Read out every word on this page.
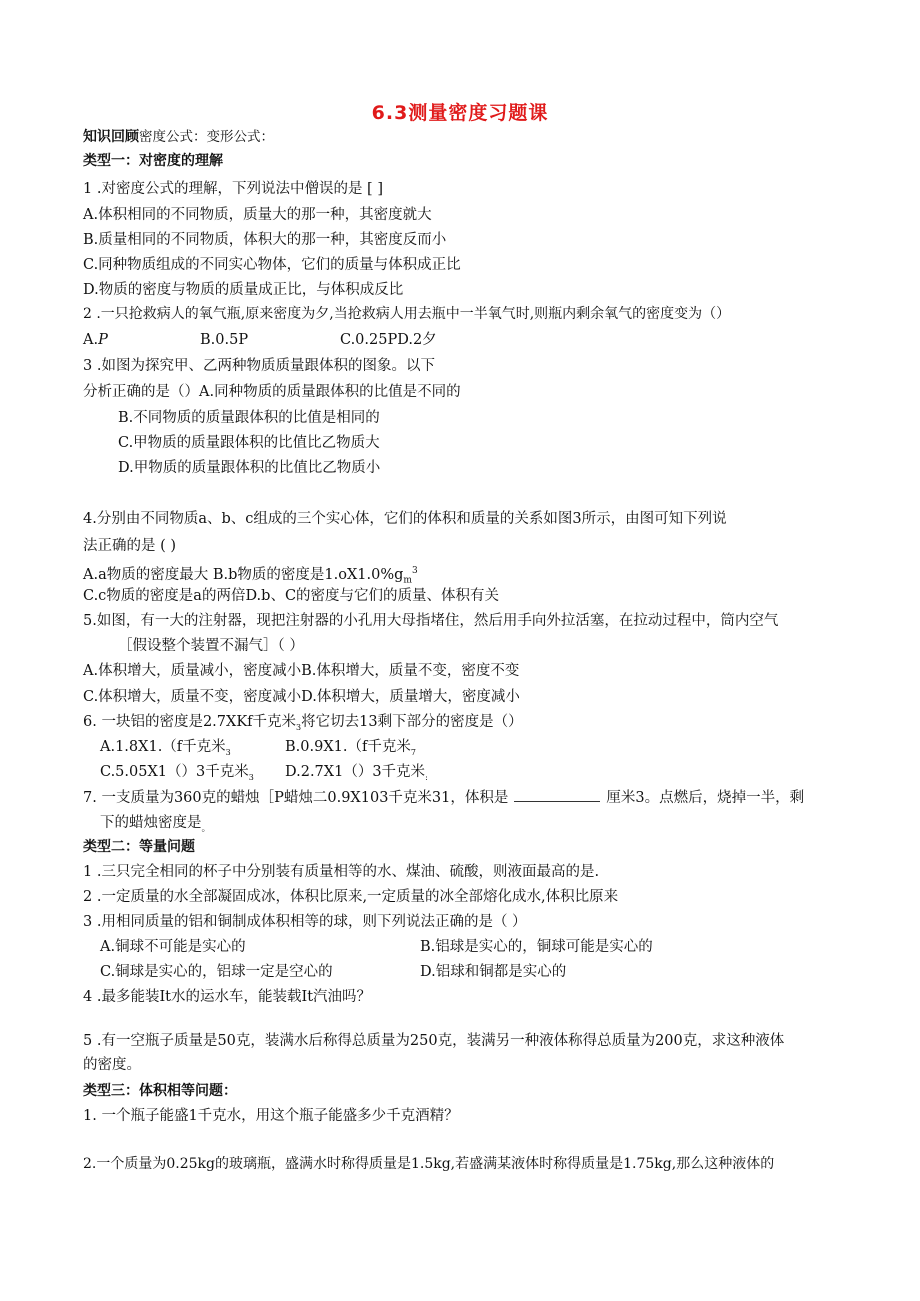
6.3测量密度习题课
知识回顾密度公式：变形公式：
类型一：对密度的理解
1 .对密度公式的理解，下列说法中僧误的是 [ ]
A.体积相同的不同物质，质量大的那一种，其密度就大
B.质量相同的不同物质，体积大的那一种，其密度反而小
C.同种物质组成的不同实心物体，它们的质量与体积成正比
D.物质的密度与物质的质量成正比，与体积成反比
2 .一只抢救病人的氧气瓶,原来密度为夕,当抢救病人用去瓶中一半氧气时,则瓶内剩余氧气的密度变为（）
A.𝑃	B.0.5P	C.0.25PD.2夕
3 .如图为探究甲、乙两种物质质量跟体积的图象。以下
分析正确的是（）A.同种物质的质量跟体积的比值是不同的
B.不同物质的质量跟体积的比值是相同的
C.甲物质的质量跟体积的比值比乙物质大
D.甲物质的质量跟体积的比值比乙物质小
4.分别由不同物质a、b、c组成的三个实心体，它们的体积和质量的关系如图3所示，由图可知下列说
法正确的是 ( )
A.a物质的密度最大 B.b物质的密度是$1.oX1.0\%g_m^3$
C.c物质的密度是a的两倍D.b、C的密度与它们的质量、体积有关
5.如图，有一大的注射器，现把注射器的小孔用大母指堵住，然后用手向外拉活塞，在拉动过程中，筒内空气
［假设整个装置不漏气］（ ）
A.体积增大，质量减小，密度减小B.体积增大，质量不变，密度不变
C.体积增大，质量不变，密度减小D.体积增大，质量增大，密度减小
6. 一块铝的密度是2.7XKf千克米$_3$将它切去13剩下部分的密度是（）
A.1.8X1.（f千克米$_3$	B.0.9X1.（f千克米$_7$
C.5.05X1（）3千克米$_3$ D.2.7X1（）3千克米$_:$
7. 一支质量为360克的蜡烛［P蜡烛二0.9X103千克米31，体积是	厘米3。点燃后，烧掉一半，剩
下的蜡烛密度是$_。$
类型二：等量问题
1 .三只完全相同的杯子中分别装有质量相等的水、煤油、硫酸，则液面最高的是.
2 .一定质量的水全部凝固成冰，体积比原来,一定质量的冰全部熔化成水,体积比原来
3 .用相同质量的铝和铜制成体积相等的球，则下列说法正确的是（ ）
A.铜球不可能是实心的	B.铝球是实心的，铜球可能是实心的
C.铜球是实心的，铝球一定是空心的	D.铝球和铜都是实心的
4 .最多能装It水的运水车，能装载It汽油吗？
5 .有一空瓶子质量是50克，装满水后称得总质量为250克，装满另一种液体称得总质量为200克，求这种液体
的密度。
类型三：体积相等问题：
1. 一个瓶子能盛1千克水，用这个瓶子能盛多少千克酒精？
2.一个质量为0.25kg的玻璃瓶，盛满水时称得质量是1.5kg,若盛满某液体时称得质量是1.75kg,那么这种液体的
